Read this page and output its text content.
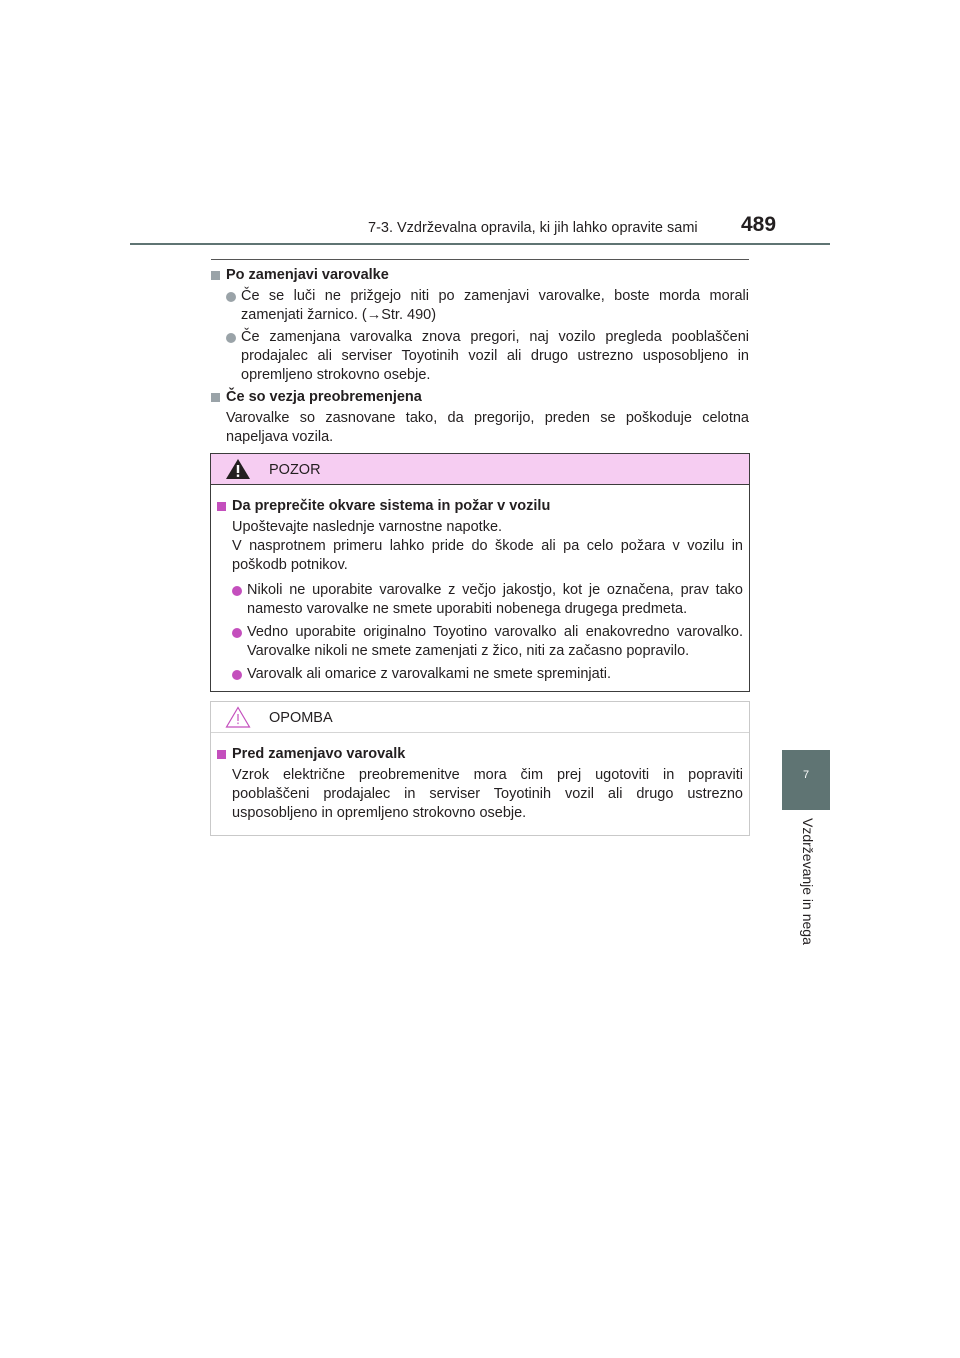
7-3. Vzdrževalna opravila, ki jih lahko opravite sami 489
7
Vzdrževanje in nega
Po zamenjavi varovalke
Če se luči ne prižgejo niti po zamenjavi varovalke, boste morda morali zamenjati žarnico. (→Str. 490)
Če zamenjana varovalka znova pregori, naj vozilo pregleda pooblaščeni prodajalec ali serviser Toyotinih vozil ali drugo ustrezno usposobljeno in opremljeno strokovno osebje.
Če so vezja preobremenjena
Varovalke so zasnovane tako, da pregorijo, preden se poškoduje celotna napeljava vozila.
POZOR
Da preprečite okvare sistema in požar v vozilu
Upoštevajte naslednje varnostne napotke.
V nasprotnem primeru lahko pride do škode ali pa celo požara v vozilu in poškodb potnikov.
Nikoli ne uporabite varovalke z večjo jakostjo, kot je označena, prav tako namesto varovalke ne smete uporabiti nobenega drugega predmeta.
Vedno uporabite originalno Toyotino varovalko ali enakovredno varovalko. Varovalke nikoli ne smete zamenjati z žico, niti za začasno popravilo.
Varovalk ali omarice z varovalkami ne smete spreminjati.
OPOMBA
Pred zamenjavo varovalk
Vzrok električne preobremenitve mora čim prej ugotoviti in popraviti pooblaščeni prodajalec in serviser Toyotinih vozil ali drugo ustrezno usposobljeno in opremljeno strokovno osebje.
